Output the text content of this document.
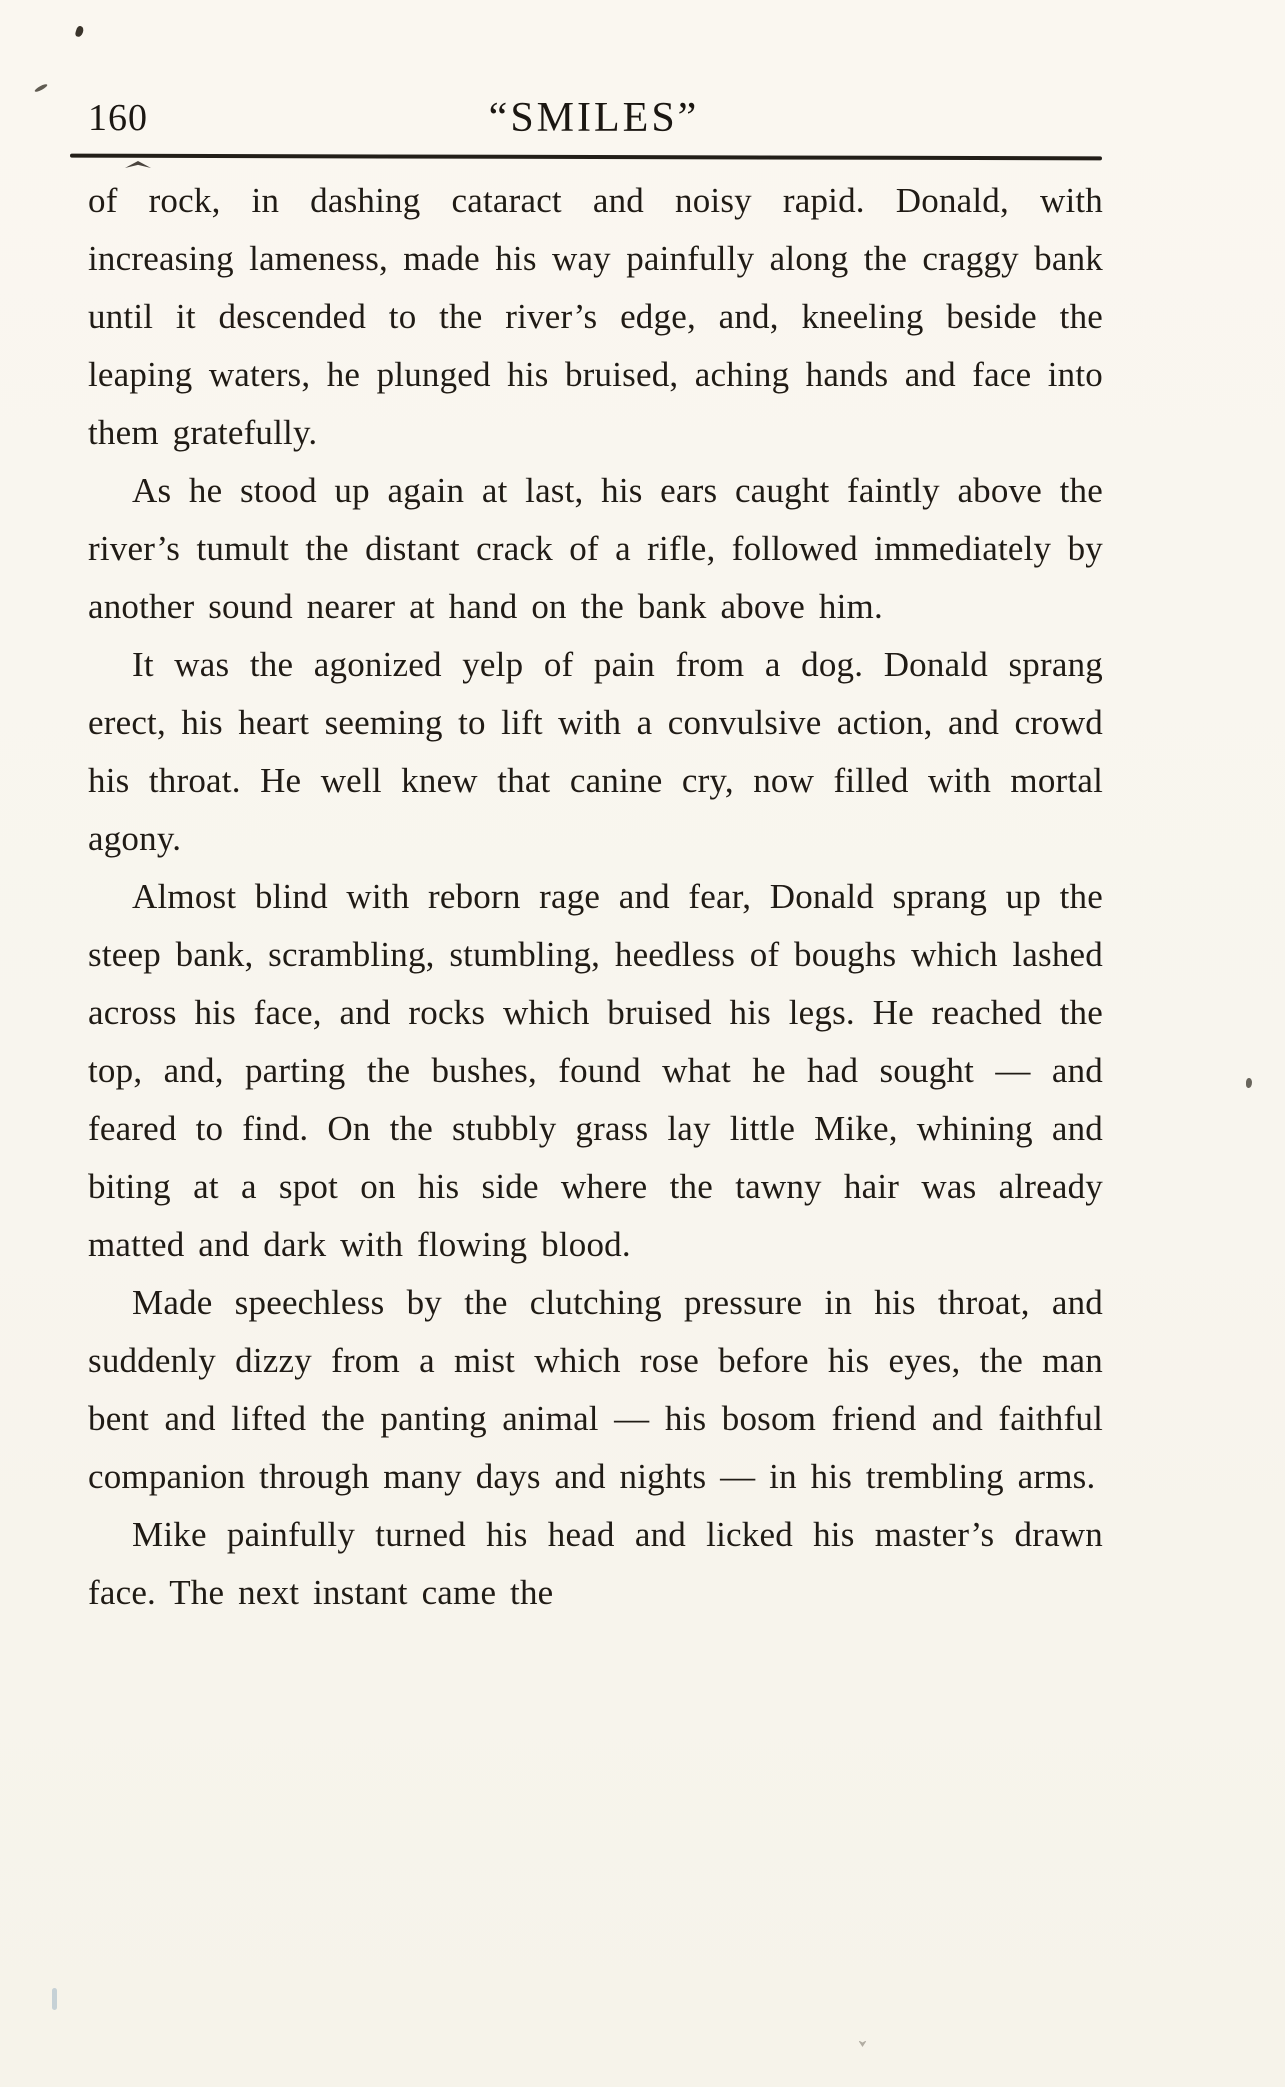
160	“SMILES”

of rock, in dashing cataract and noisy rapid. Donald, with increasing lameness, made his way painfully along the craggy bank until it descended to the river’s edge, and, kneeling beside the leaping waters, he plunged his bruised, aching hands and face into them gratefully.

As he stood up again at last, his ears caught faintly above the river’s tumult the distant crack of a rifle, followed immediately by another sound nearer at hand on the bank above him.

It was the agonized yelp of pain from a dog. Donald sprang erect, his heart seeming to lift with a convulsive action, and crowd his throat. He well knew that canine cry, now filled with mortal agony.

Almost blind with reborn rage and fear, Donald sprang up the steep bank, scrambling, stumbling, heedless of boughs which lashed across his face, and rocks which bruised his legs. He reached the top, and, parting the bushes, found what he had sought — and feared to find. On the stubbly grass lay little Mike, whining and biting at a spot on his side where the tawny hair was already matted and dark with flowing blood.

Made speechless by the clutching pressure in his throat, and suddenly dizzy from a mist which rose before his eyes, the man bent and lifted the panting animal — his bosom friend and faithful companion through many days and nights — in his trembling arms.

Mike painfully turned his head and licked his master’s drawn face. The next instant came the
